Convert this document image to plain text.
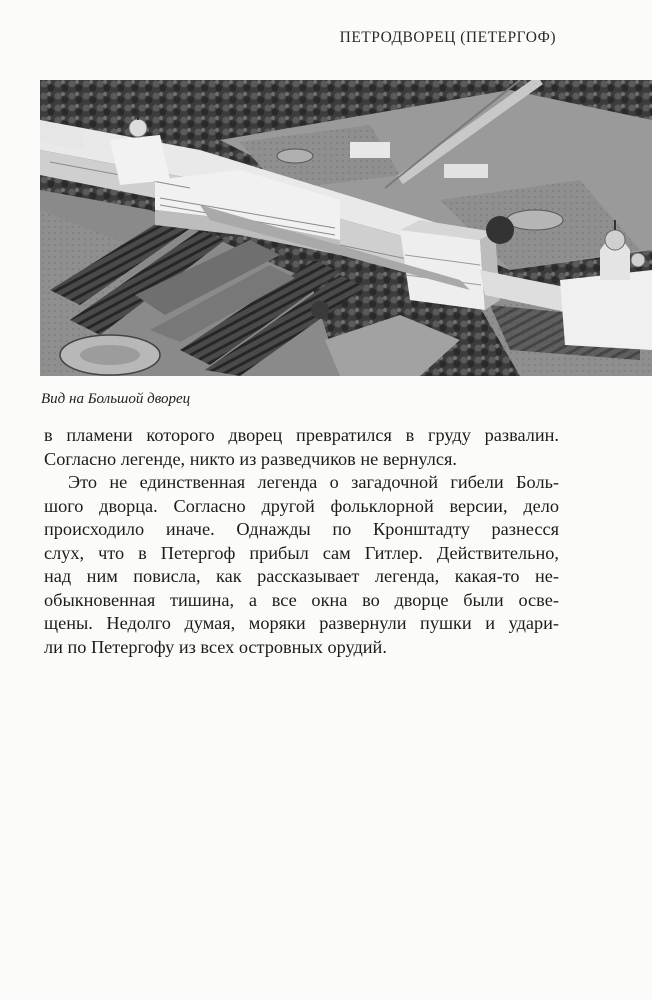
ПЕТРОДВОРЕЦ (ПЕТЕРГОФ)
Вид на Большой дворец
в пламени которого дворец превратился в груду развалин.
Согласно легенде, никто из разведчиков не вернулся.
Это не единственная легенда о загадочной гибели Боль-
шого дворца. Согласно другой фольклорной версии, дело
происходило иначе. Однажды по Кронштадту разнесся
слух, что в Петергоф прибыл сам Гитлер. Действительно,
над ним повисла, как рассказывает легенда, какая-то не-
обыкновенная тишина, а все окна во дворце были освe-
щены. Недолго думая, моряки развернули пушки и удари-
ли по Петергофу из всех островных орудий.
